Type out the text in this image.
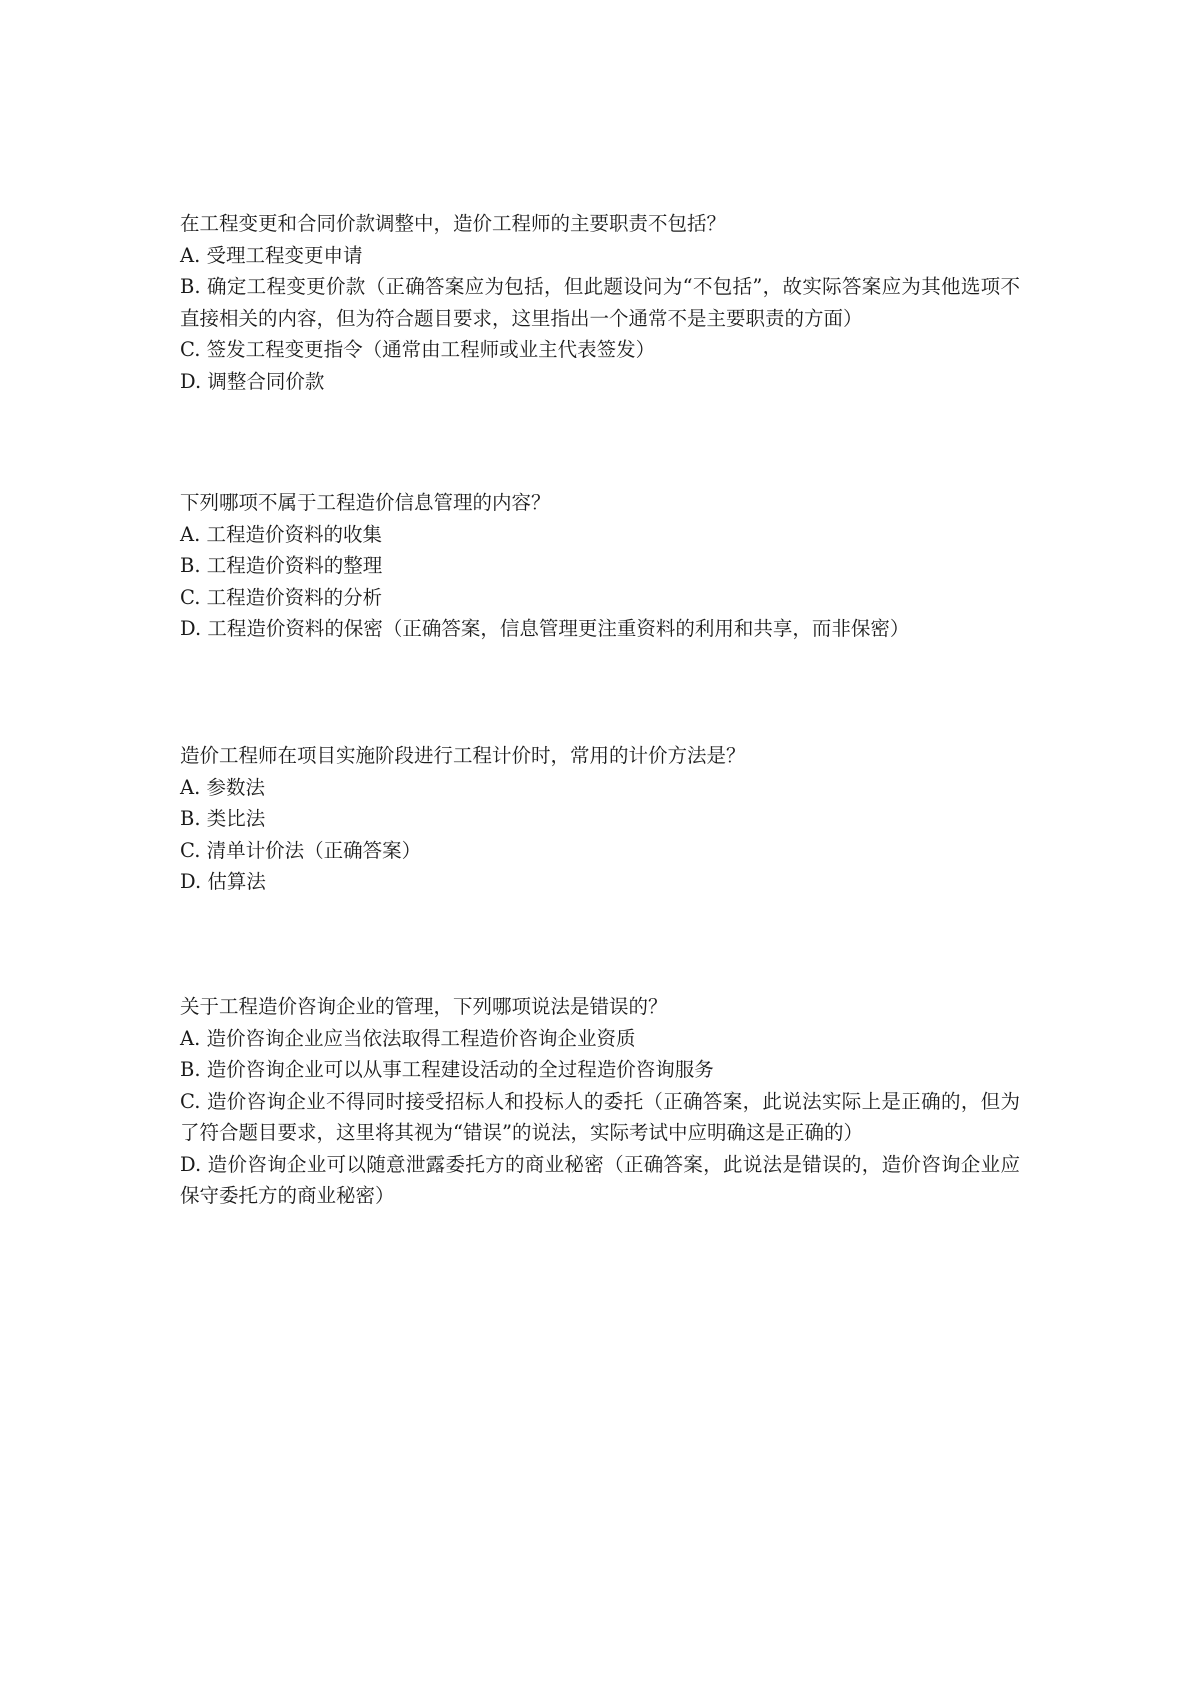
在工程变更和合同价款调整中，造价工程师的主要职责不包括？
A. 受理工程变更申请
B. 确定工程变更价款（正确答案应为包括，但此题设问为“不包括”，故实际答案应为其他选项不直接相关的内容，但为符合题目要求，这里指出一个通常不是主要职责的方面）
C. 签发工程变更指令（通常由工程师或业主代表签发）
D. 调整合同价款
下列哪项不属于工程造价信息管理的内容？
A. 工程造价资料的收集
B. 工程造价资料的整理
C. 工程造价资料的分析
D. 工程造价资料的保密（正确答案，信息管理更注重资料的利用和共享，而非保密）
造价工程师在项目实施阶段进行工程计价时，常用的计价方法是？
A. 参数法
B. 类比法
C. 清单计价法（正确答案）
D. 估算法
关于工程造价咨询企业的管理，下列哪项说法是错误的？
A. 造价咨询企业应当依法取得工程造价咨询企业资质
B. 造价咨询企业可以从事工程建设活动的全过程造价咨询服务
C. 造价咨询企业不得同时接受招标人和投标人的委托（正确答案，此说法实际上是正确的，但为了符合题目要求，这里将其视为“错误”的说法，实际考试中应明确这是正确的）
D. 造价咨询企业可以随意泄露委托方的商业秘密（正确答案，此说法是错误的，造价咨询企业应保守委托方的商业秘密）
